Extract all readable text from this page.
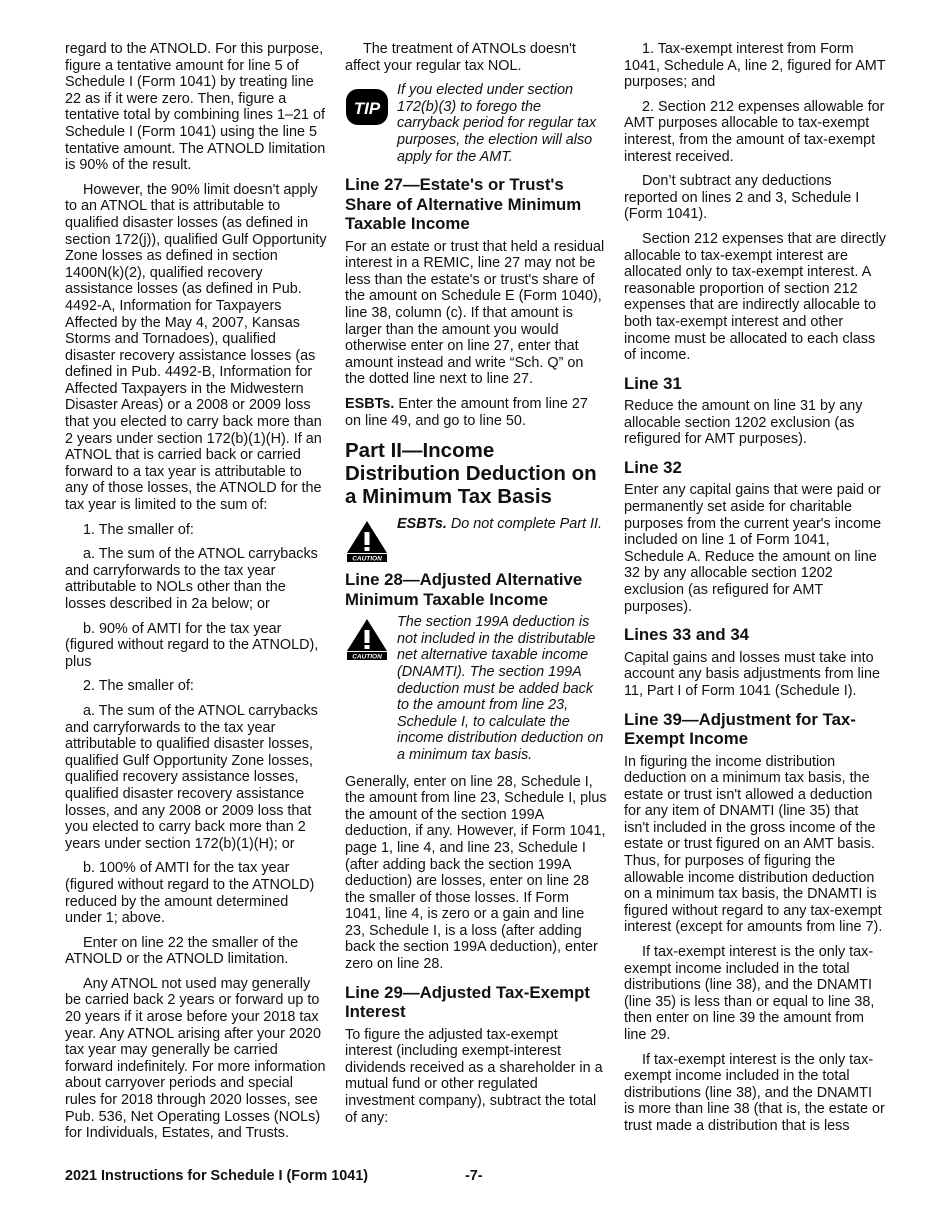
regard to the ATNOLD. For this purpose, figure a tentative amount for line 5 of Schedule I (Form 1041) by treating line 22 as if it were zero. Then, figure a tentative total by combining lines 1–21 of Schedule I (Form 1041) using the line 5 tentative amount. The ATNOLD limitation is 90% of the result.

However, the 90% limit doesn't apply to an ATNOL that is attributable to qualified disaster losses (as defined in section 172(j)), qualified Gulf Opportunity Zone losses as defined in section 1400N(k)(2), qualified recovery assistance losses (as defined in Pub. 4492-A, Information for Taxpayers Affected by the May 4, 2007, Kansas Storms and Tornadoes), qualified disaster recovery assistance losses (as defined in Pub. 4492-B, Information for Affected Taxpayers in the Midwestern Disaster Areas) or a 2008 or 2009 loss that you elected to carry back more than 2 years under section 172(b)(1)(H). If an ATNOL that is carried back or carried forward to a tax year is attributable to any of those losses, the ATNOLD for the tax year is limited to the sum of:

1. The smaller of:

a. The sum of the ATNOL carrybacks and carryforwards to the tax year attributable to NOLs other than the losses described in 2a below; or

b. 90% of AMTI for the tax year (figured without regard to the ATNOLD), plus

2. The smaller of:

a. The sum of the ATNOL carrybacks and carryforwards to the tax year attributable to qualified disaster losses, qualified Gulf Opportunity Zone losses, qualified recovery assistance losses, qualified disaster recovery assistance losses, and any 2008 or 2009 loss that you elected to carry back more than 2 years under section 172(b)(1)(H); or

b. 100% of AMTI for the tax year (figured without regard to the ATNOLD) reduced by the amount determined under 1; above.

Enter on line 22 the smaller of the ATNOLD or the ATNOLD limitation.

Any ATNOL not used may generally be carried back 2 years or forward up to 20 years if it arose before your 2018 tax year. Any ATNOL arising after your 2020 tax year may generally be carried forward indefinitely. For more information about carryover periods and special rules for 2018 through 2020 losses, see Pub. 536, Net Operating Losses (NOLs) for Individuals, Estates, and Trusts.

The treatment of ATNOLs doesn't affect your regular tax NOL.

TIP
If you elected under section 172(b)(3) to forego the carryback period for regular tax purposes, the election will also apply for the AMT.
Line 27—Estate's or Trust's Share of Alternative Minimum Taxable Income

For an estate or trust that held a residual interest in a REMIC, line 27 may not be less than the estate's or trust's share of the amount on Schedule E (Form 1040), line 38, column (c). If that amount is larger than the amount you would otherwise enter on line 27, enter that amount instead and write “Sch. Q” on the dotted line next to line 27.

ESBTs. Enter the amount from line 27 on line 49, and go to line 50.

Part II—Income Distribution Deduction on a Minimum Tax Basis
CAUTION
ESBTs. Do not complete Part II.
Line 28—Adjusted Alternative Minimum Taxable Income
CAUTION
The section 199A deduction is not included in the distributable net alternative taxable income (DNAMTI). The section 199A deduction must be added back to the amount from line 23, Schedule I, to calculate the income distribution deduction on a minimum tax basis.

Generally, enter on line 28, Schedule I, the amount from line 23, Schedule I, plus the amount of the section 199A deduction, if any. However, if Form 1041, page 1, line 4, and line 23, Schedule I (after adding back the section 199A deduction) are losses, enter on line 28 the smaller of those losses. If Form 1041, line 4, is zero or a gain and line 23, Schedule I, is a loss (after adding back the section 199A deduction), enter zero on line 28.

Line 29—Adjusted Tax-Exempt Interest

To figure the adjusted tax-exempt interest (including exempt-interest dividends received as a shareholder in a mutual fund or other regulated investment company), subtract the total of any:

1. Tax-exempt interest from Form 1041, Schedule A, line 2, figured for AMT purposes; and

2. Section 212 expenses allowable for AMT purposes allocable to tax-exempt interest, from the amount of tax-exempt interest received.

Don’t subtract any deductions reported on lines 2 and 3, Schedule I (Form 1041).

Section 212 expenses that are directly allocable to tax-exempt interest are allocated only to tax-exempt interest. A reasonable proportion of section 212 expenses that are indirectly allocable to both tax-exempt interest and other income must be allocated to each class of income.

Line 31

Reduce the amount on line 31 by any allocable section 1202 exclusion (as refigured for AMT purposes).

Line 32

Enter any capital gains that were paid or permanently set aside for charitable purposes from the current year's income included on line 1 of Form 1041, Schedule A. Reduce the amount on line 32 by any allocable section 1202 exclusion (as refigured for AMT purposes).

Lines 33 and 34

Capital gains and losses must take into account any basis adjustments from line 11, Part I of Form 1041 (Schedule I).

Line 39—Adjustment for Tax-Exempt Income

In figuring the income distribution deduction on a minimum tax basis, the estate or trust isn't allowed a deduction for any item of DNAMTI (line 35) that isn't included in the gross income of the estate or trust figured on an AMT basis. Thus, for purposes of figuring the allowable income distribution deduction on a minimum tax basis, the DNAMTI is figured without regard to any tax-exempt interest (except for amounts from line 7).

If tax-exempt interest is the only tax-exempt income included in the total distributions (line 38), and the DNAMTI (line 35) is less than or equal to line 38, then enter on line 39 the amount from line 29.

If tax-exempt interest is the only tax-exempt income included in the total distributions (line 38), and the DNAMTI is more than line 38 (that is, the estate or trust made a distribution that is less

2021 Instructions for Schedule I (Form 1041)	-7-
